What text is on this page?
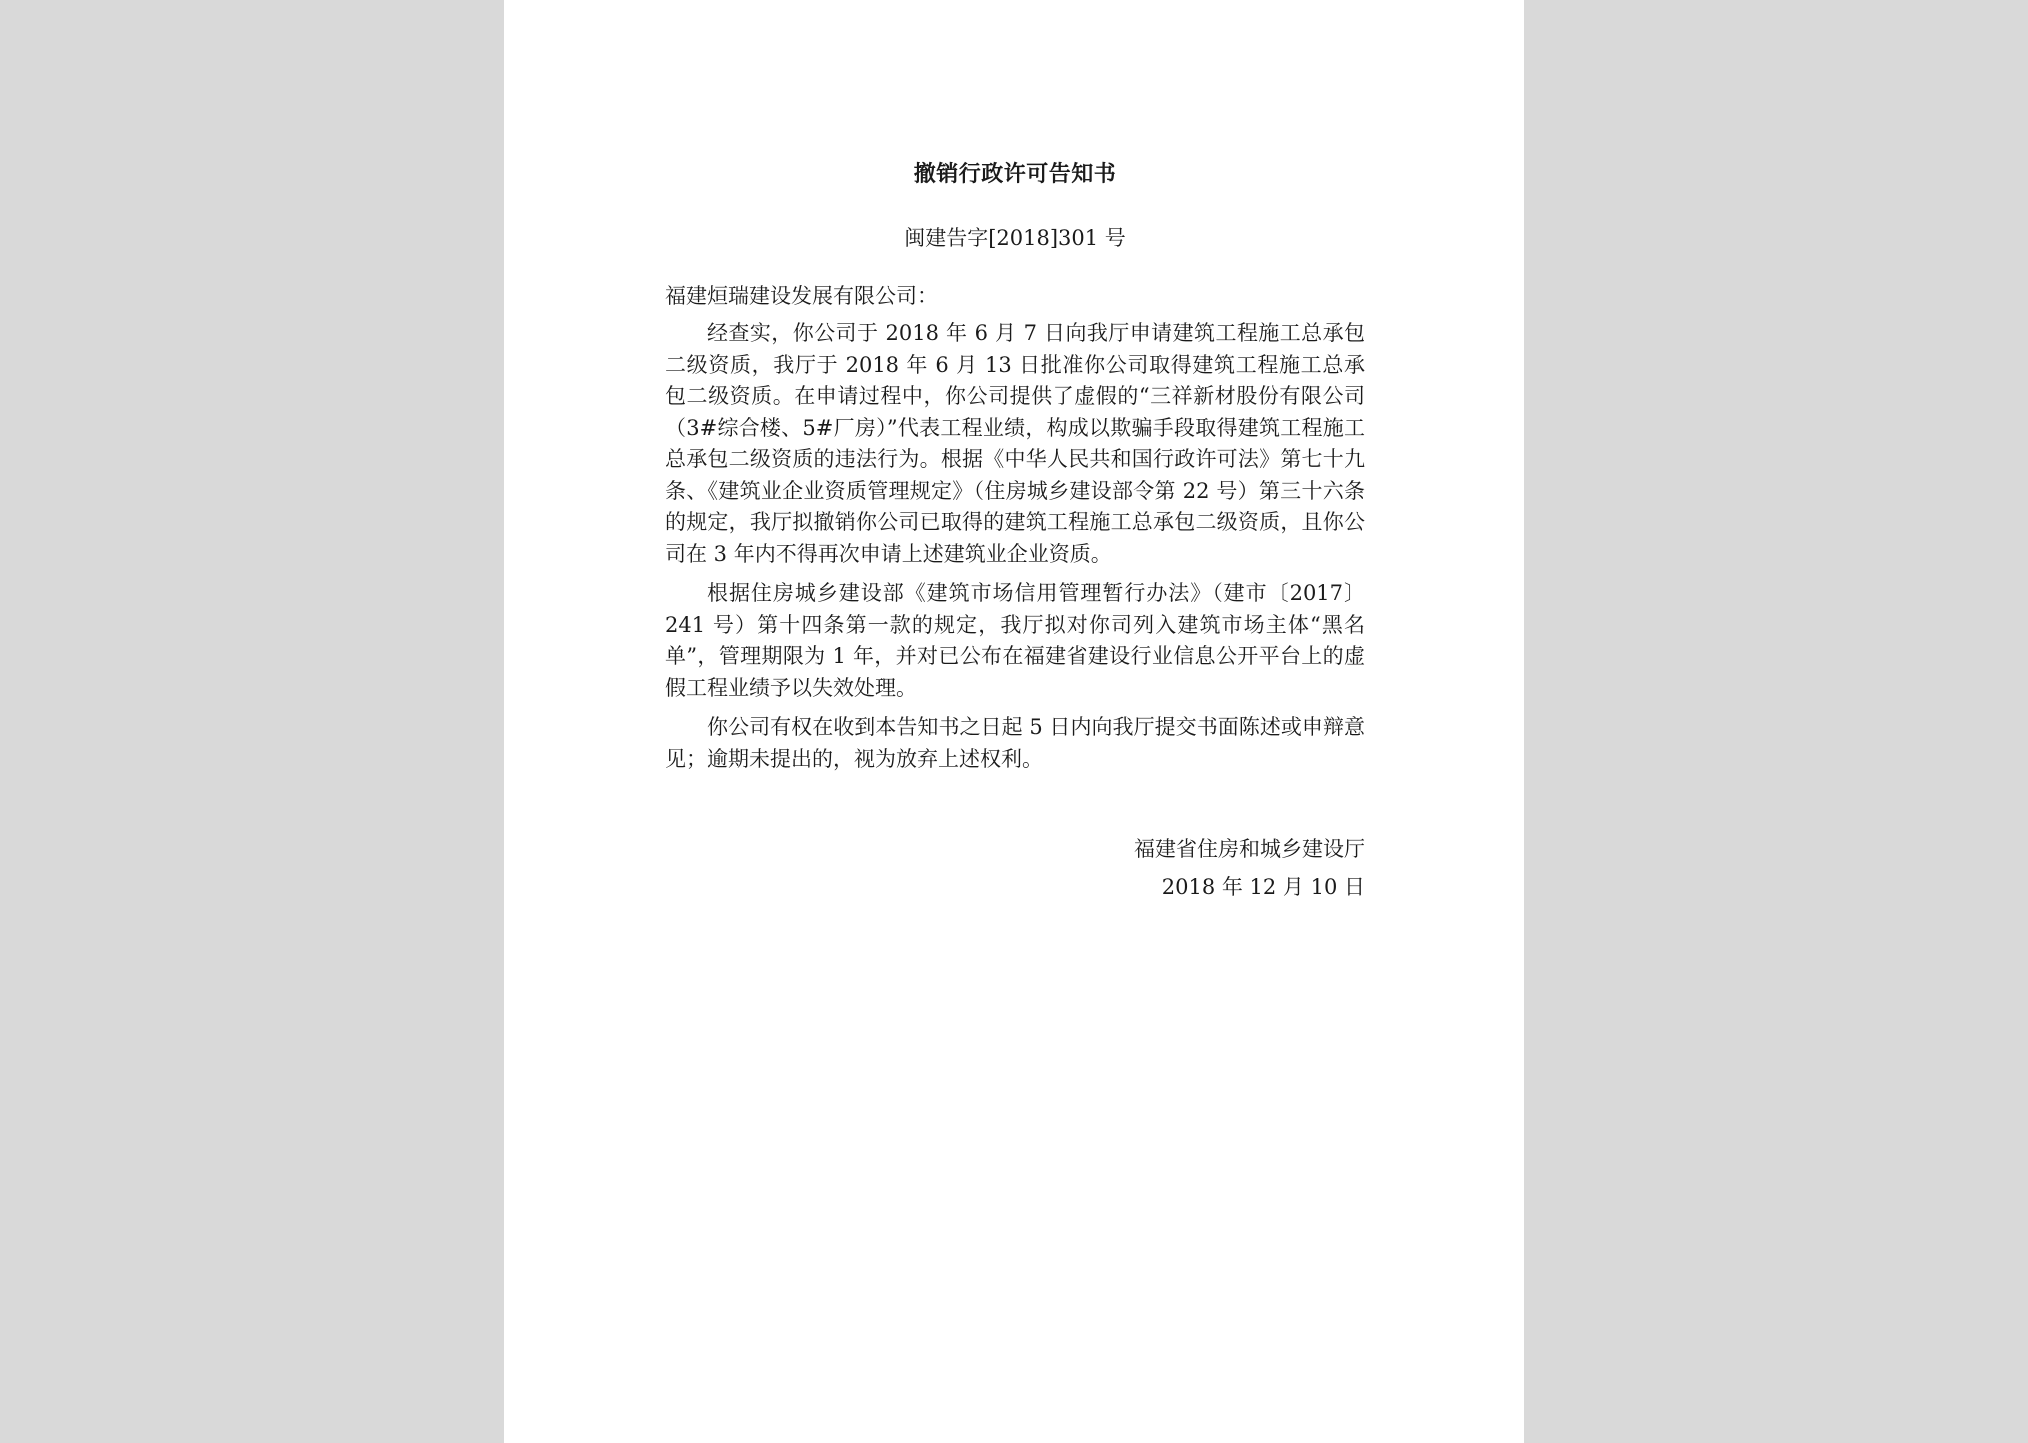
撤销行政许可告知书
闽建告字[2018]301 号
福建烜瑞建设发展有限公司：

经查实，你公司于 2018 年 6 月 7 日向我厅申请建筑工程施工总承包二级资质，我厅于 2018 年 6 月 13 日批准你公司取得建筑工程施工总承包二级资质。在申请过程中，你公司提供了虚假的“三祥新材股份有限公司（3#综合楼、5#厂房）”代表工程业绩，构成以欺骗手段取得建筑工程施工总承包二级资质的违法行为。根据《中华人民共和国行政许可法》第七十九条、《建筑业企业资质管理规定》（住房城乡建设部令第 22 号）第三十六条的规定，我厅拟撤销你公司已取得的建筑工程施工总承包二级资质，且你公司在 3 年内不得再次申请上述建筑业企业资质。

根据住房城乡建设部《建筑市场信用管理暂行办法》（建市〔2017〕241 号）第十四条第一款的规定，我厅拟对你司列入建筑市场主体“黑名单”，管理期限为 1 年，并对已公布在福建省建设行业信息公开平台上的虚假工程业绩予以失效处理。

你公司有权在收到本告知书之日起 5 日内向我厅提交书面陈述或申辩意见；逾期未提出的，视为放弃上述权利。

福建省住房和城乡建设厅
2018 年 12 月 10 日
